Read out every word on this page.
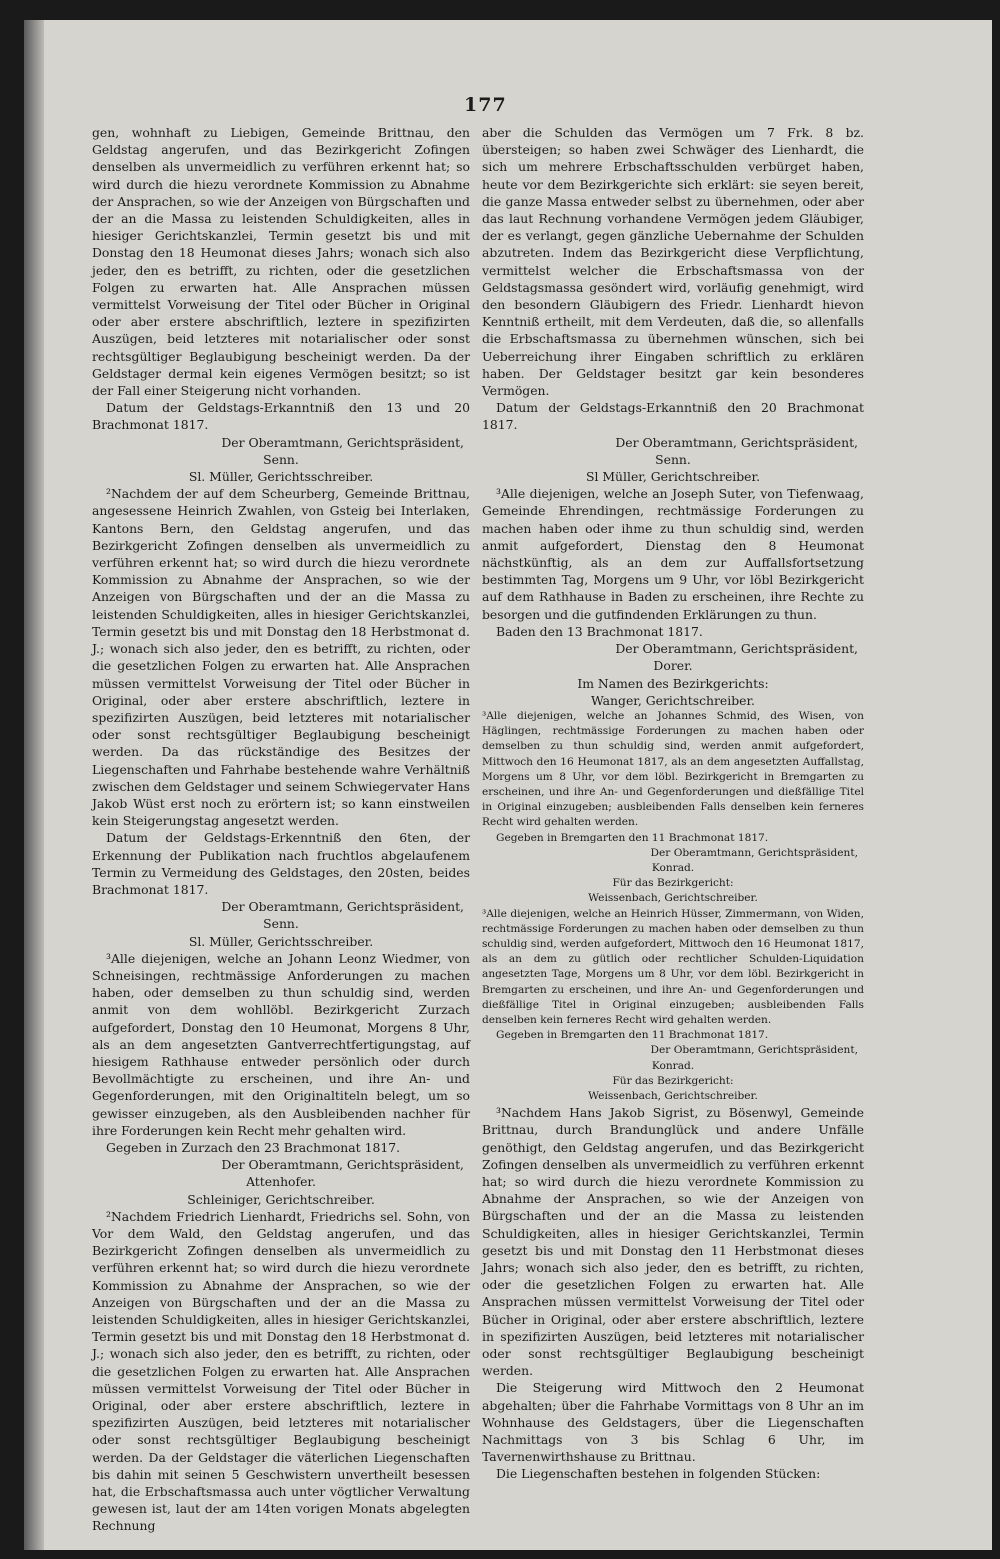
177

gen, wohnhaft zu Liebigen, Gemeinde Brittnau, den Geldstag angerufen, und das Bezirkgericht Zofingen denselben als unvermeidlich zu verführen erkennt hat; so wird durch die hiezu verordnete Kommission zu Abnahme der Ansprachen, so wie der Anzeigen von Bürgschaften und der an die Massa zu leistenden Schuldigkeiten, alles in hiesiger Gerichtskanzlei, Termin gesetzt bis und mit Donstag den 18 Heumonat dieses Jahrs; wonach sich also jeder, den es betrifft, zu richten, oder die gesetzlichen Folgen zu erwarten hat. Alle Ansprachen müssen vermittelst Vorweisung der Titel oder Bücher in Original oder aber erstere abschriftlich, leztere in spezifizirten Auszügen, beid letzteres mit notarialischer oder sonst rechtsgültiger Beglaubigung bescheinigt werden. Da der Geldstager dermal kein eigenes Vermögen besitzt; so ist der Fall einer Steigerung nicht vorhanden.

Datum der Geldstags-Erkanntniß den 13 und 20 Brachmonat 1817.

Der Oberamtmann, Gerichtspräsident,

Senn.

Sl. Müller, Gerichtsschreiber.

²Nachdem der auf dem Scheurberg, Gemeinde Brittnau, angesessene Heinrich Zwahlen, von Gsteig bei Interlaken, Kantons Bern, den Geldstag angerufen, und das Bezirkgericht Zofingen denselben als unvermeidlich zu verführen erkennt hat; so wird durch die hiezu verordnete Kommission zu Abnahme der Ansprachen, so wie der Anzeigen von Bürgschaften und der an die Massa zu leistenden Schuldigkeiten, alles in hiesiger Gerichtskanzlei, Termin gesetzt bis und mit Donstag den 18 Herbstmonat d. J.; wonach sich also jeder, den es betrifft, zu richten, oder die gesetzlichen Folgen zu erwarten hat. Alle Ansprachen müssen vermittelst Vorweisung der Titel oder Bücher in Original, oder aber erstere abschriftlich, leztere in spezifizirten Auszügen, beid letzteres mit notarialischer oder sonst rechtsgültiger Beglaubigung bescheinigt werden. Da das rückständige des Besitzes der Liegenschaften und Fahrhabe bestehende wahre Verhältniß zwischen dem Geldstager und seinem Schwiegervater Hans Jakob Wüst erst noch zu erörtern ist; so kann einstweilen kein Steigerungstag angesetzt werden.

Datum der Geldstags-Erkenntniß den 6ten, der Erkennung der Publikation nach fruchtlos abgelaufenem Termin zu Vermeidung des Geldstages, den 20sten, beides Brachmonat 1817.

Der Oberamtmann, Gerichtspräsident,

Senn.

Sl. Müller, Gerichtsschreiber.

³Alle diejenigen, welche an Johann Leonz Wiedmer, von Schneisingen, rechtmässige Anforderungen zu machen haben, oder demselben zu thun schuldig sind, werden anmit von dem wohllöbl. Bezirkgericht Zurzach aufgefordert, Donstag den 10 Heumonat, Morgens 8 Uhr, als an dem angesetzten Gantverrechtfertigungstag, auf hiesigem Rathhause entweder persönlich oder durch Bevollmächtigte zu erscheinen, und ihre An- und Gegenforderungen, mit den Originaltiteln belegt, um so gewisser einzugeben, als den Ausbleibenden nachher für ihre Forderungen kein Recht mehr gehalten wird.

Gegeben in Zurzach den 23 Brachmonat 1817.

Der Oberamtmann, Gerichtspräsident,

Attenhofer.

Schleiniger, Gerichtschreiber.

²Nachdem Friedrich Lienhardt, Friedrichs sel. Sohn, von Vor dem Wald, den Geldstag angerufen, und das Bezirkgericht Zofingen denselben als unvermeidlich zu verführen erkennt hat; so wird durch die hiezu verordnete Kommission zu Abnahme der Ansprachen, so wie der Anzeigen von Bürgschaften und der an die Massa zu leistenden Schuldigkeiten, alles in hiesiger Gerichtskanzlei, Termin gesetzt bis und mit Donstag den 18 Herbstmonat d. J.; wonach sich also jeder, den es betrifft, zu richten, oder die gesetzlichen Folgen zu erwarten hat. Alle Ansprachen müssen vermittelst Vorweisung der Titel oder Bücher in Original, oder aber erstere abschriftlich, leztere in spezifizirten Auszügen, beid letzteres mit notarialischer oder sonst rechtsgültiger Beglaubigung bescheinigt werden. Da der Geldstager die väterlichen Liegenschaften bis dahin mit seinen 5 Geschwistern unvertheilt besessen hat, die Erbschaftsmassa auch unter vögtlicher Verwaltung gewesen ist, laut der am 14ten vorigen Monats abgelegten Rechnung

aber die Schulden das Vermögen um 7 Frk. 8 bz. übersteigen; so haben zwei Schwäger des Lienhardt, die sich um mehrere Erbschaftsschulden verbürget haben, heute vor dem Bezirkgerichte sich erklärt: sie seyen bereit, die ganze Massa entweder selbst zu übernehmen, oder aber das laut Rechnung vorhandene Vermögen jedem Gläubiger, der es verlangt, gegen gänzliche Uebernahme der Schulden abzutreten. Indem das Bezirkgericht diese Verpflichtung, vermittelst welcher die Erbschaftsmassa von der Geldstagsmassa gesöndert wird, vorläufig genehmigt, wird den besondern Gläubigern des Friedr. Lienhardt hievon Kenntniß ertheilt, mit dem Verdeuten, daß die, so allenfalls die Erbschaftsmassa zu übernehmen wünschen, sich bei Ueberreichung ihrer Eingaben schriftlich zu erklären haben. Der Geldstager besitzt gar kein besonderes Vermögen.

Datum der Geldstags-Erkanntniß den 20 Brachmonat 1817.

Der Oberamtmann, Gerichtspräsident,

Senn.

Sl Müller, Gerichtschreiber.

³Alle diejenigen, welche an Joseph Suter, von Tiefenwaag, Gemeinde Ehrendingen, rechtmässige Forderungen zu machen haben oder ihme zu thun schuldig sind, werden anmit aufgefordert, Dienstag den 8 Heumonat nächstkünftig, als an dem zur Auffallsfortsetzung bestimmten Tag, Morgens um 9 Uhr, vor löbl Bezirkgericht auf dem Rathhause in Baden zu erscheinen, ihre Rechte zu besorgen und die gutfindenden Erklärungen zu thun.

Baden den 13 Brachmonat 1817.

Der Oberamtmann, Gerichtspräsident,

Dorer.

Im Namen des Bezirkgerichts:

Wanger, Gerichtschreiber.

³Alle diejenigen, welche an Johannes Schmid, des Wisen, von Häglingen, rechtmässige Forderungen zu machen haben oder demselben zu thun schuldig sind, werden anmit aufgefordert, Mittwoch den 16 Heumonat 1817, als an dem angesetzten Auffallstag, Morgens um 8 Uhr, vor dem löbl. Bezirkgericht in Bremgarten zu erscheinen, und ihre An- und Gegenforderungen und dießfällige Titel in Original einzugeben; ausbleibenden Falls denselben kein ferneres Recht wird gehalten werden.

Gegeben in Bremgarten den 11 Brachmonat 1817.

Der Oberamtmann, Gerichtspräsident,

Konrad.

Für das Bezirkgericht:

Weissenbach, Gerichtschreiber.

³Alle diejenigen, welche an Heinrich Hüsser, Zimmermann, von Widen, rechtmässige Forderungen zu machen haben oder demselben zu thun schuldig sind, werden aufgefordert, Mittwoch den 16 Heumonat 1817, als an dem zu gütlich oder rechtlicher Schulden-Liquidation angesetzten Tage, Morgens um 8 Uhr, vor dem löbl. Bezirkgericht in Bremgarten zu erscheinen, und ihre An- und Gegenforderungen und dießfällige Titel in Original einzugeben; ausbleibenden Falls denselben kein ferneres Recht wird gehalten werden.

Gegeben in Bremgarten den 11 Brachmonat 1817.

Der Oberamtmann, Gerichtspräsident,

Konrad.

Für das Bezirkgericht:

Weissenbach, Gerichtschreiber.

³Nachdem Hans Jakob Sigrist, zu Bösenwyl, Gemeinde Brittnau, durch Brandunglück und andere Unfälle genöthigt, den Geldstag angerufen, und das Bezirkgericht Zofingen denselben als unvermeidlich zu verführen erkennt hat; so wird durch die hiezu verordnete Kommission zu Abnahme der Ansprachen, so wie der Anzeigen von Bürgschaften und der an die Massa zu leistenden Schuldigkeiten, alles in hiesiger Gerichtskanzlei, Termin gesetzt bis und mit Donstag den 11 Herbstmonat dieses Jahrs; wonach sich also jeder, den es betrifft, zu richten, oder die gesetzlichen Folgen zu erwarten hat. Alle Ansprachen müssen vermittelst Vorweisung der Titel oder Bücher in Original, oder aber erstere abschriftlich, leztere in spezifizirten Auszügen, beid letzteres mit notarialischer oder sonst rechtsgültiger Beglaubigung bescheinigt werden.

Die Steigerung wird Mittwoch den 2 Heumonat abgehalten; über die Fahrhabe Vormittags von 8 Uhr an im Wohnhause des Geldstagers, über die Liegenschaften Nachmittags von 3 bis Schlag 6 Uhr, im Tavernenwirthshause zu Brittnau.

Die Liegenschaften bestehen in folgenden Stücken:
